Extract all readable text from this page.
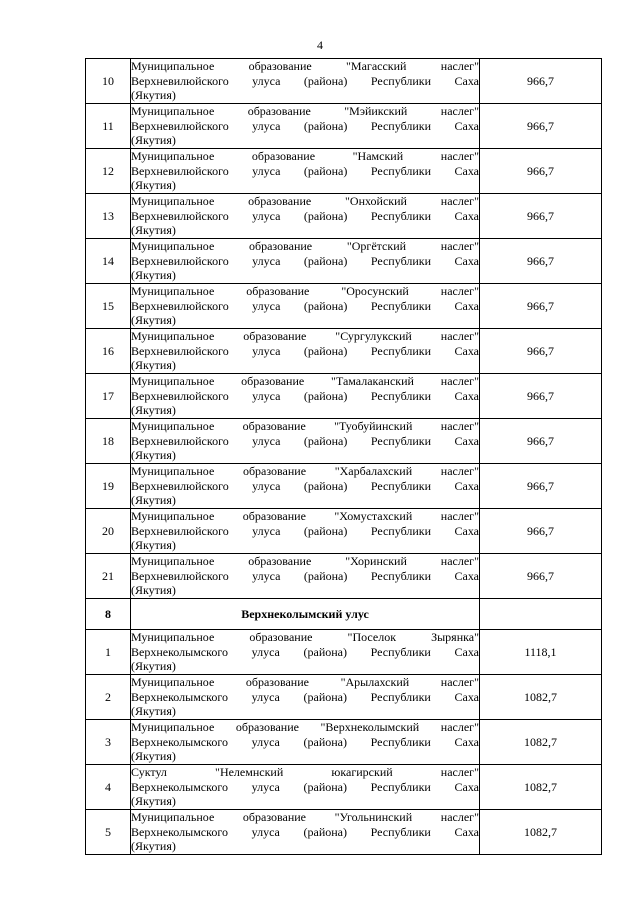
4
10	Муниципальное образование "Магасский наслег"
Верхневилюйского улуса (района) Республики Саха
(Якутия)	966,7
11	Муниципальное образование "Мэйикский наслег"
Верхневилюйского улуса (района) Республики Саха
(Якутия)	966,7
12	Муниципальное образование "Намский наслег"
Верхневилюйского улуса (района) Республики Саха
(Якутия)	966,7
13	Муниципальное образование "Онхойский наслег"
Верхневилюйского улуса (района) Республики Саха
(Якутия)	966,7
14	Муниципальное образование "Оргётский наслег"
Верхневилюйского улуса (района) Республики Саха
(Якутия)	966,7
15	Муниципальное образование "Оросунский наслег"
Верхневилюйского улуса (района) Республики Саха
(Якутия)	966,7
16	Муниципальное образование "Сургулукский наслег"
Верхневилюйского улуса (района) Республики Саха
(Якутия)	966,7
17	Муниципальное образование "Тамалаканский наслег"
Верхневилюйского улуса (района) Республики Саха
(Якутия)	966,7
18	Муниципальное образование "Туобуйинский наслег"
Верхневилюйского улуса (района) Республики Саха
(Якутия)	966,7
19	Муниципальное образование "Харбалахский наслег"
Верхневилюйского улуса (района) Республики Саха
(Якутия)	966,7
20	Муниципальное образование "Хомустахский наслег"
Верхневилюйского улуса (района) Республики Саха
(Якутия)	966,7
21	Муниципальное образование "Хоринский наслег"
Верхневилюйского улуса (района) Республики Саха
(Якутия)	966,7
8	Верхнеколымский улус	
1	Муниципальное образование "Поселок Зырянка"
Верхнеколымского улуса (района) Республики Саха
(Якутия)	1118,1
2	Муниципальное образование "Арылахский наслег"
Верхнеколымского улуса (района) Республики Саха
(Якутия)	1082,7
3	Муниципальное образование "Верхнеколымский наслег"
Верхнеколымского улуса (района) Республики Саха
(Якутия)	1082,7
4	Суктул "Нелемнский юкагирский наслег"
Верхнеколымского улуса (района) Республики Саха
(Якутия)	1082,7
5	Муниципальное образование "Угольнинский наслег"
Верхнеколымского улуса (района) Республики Саха
(Якутия)	1082,7
